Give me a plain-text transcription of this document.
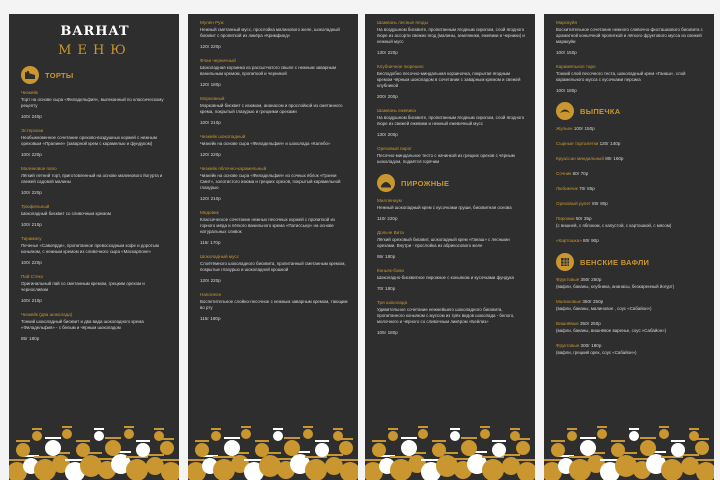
BARHAT
МЕНЮ
ТОРТЫ
Чизкейк
Торт на основе сыра «Филадельфия», выпеканный по классическому рецепту
100г 240р
Эстерхази
Необыкновенное сочетание орехово-воздушных коржей с нежным ореховым «Пралине» (заварной крем с карамелью и фундуком)
100г 220р
Малиновое папо
Лёгкий летний торт, приготовленный на основе малинового йогурта и свежей садовой малины
100г 220р
Трюфельный
Шоколадный бисквит со сливочным кремом
100г 210р
Тирамису
Печенье «Савоярди», пропитанное превосходным кофе и доротым коньяком, с нежным кремом из сливочного сыра «Маскарпоне»
100г 220р
Пай Стекэ
Оригинальный пай со сметанным кремом, грецким орехом и черносливом
100г 210р
Чизкейк (два шоколада)
Тонкий шоколадный бисквит и два вида шоколадного крема «Филадельфия» - с белым и чёрным шоколадом
85г 180р
Мулен Руж
Нежный сметанный мусс, прослойка малинового желе, шоколадный бисквит с пропиткой из ликёра «Кримфиед»
120г 220р
Флан черничный
Шоколадная корзинка из рассыпчатого свыле с нежным заварным ванильным кремом, пропиткой и черникой
120г 180р
Морковный
Морковный бисквит с изюмом, ананасом и прослойкой из сметанного крема, покрытый глазурью и грецкими орехами
100г 210р
Чизкейк шоколадный
Чизкейк на основе сыра «Филадельфия» и шоколада «Калебо»
120г 220р
Чизкейк яблочно-карамельный
Чизкейк на основе сыра «Филадельфия» из сочных яблок «Грэнни Смит», золотистого изюма и грецких орехов, покрытый карамельной глазурью
120г 210р
Медовик
Классическое сочетание нежных песочных коржей с пропиткой из горного мёда и лёгкого ванильного крема «Патиссьер» на основе натуральных сливок
115г 170р
Шоколадный мусс
Слоётёмного шоколадного бисквита, пропитанный сметанным кремом, покрытые глазурью и шоколадной крошкой
120г 220р
Наполеон
Воспетительное слойно-песочное с нежным заварным кремом, тающим во рту
115г 180р
Шампань лесные ягоды
На воздушном бисквите, пропитанным ягодным сиропом, слой ягодного пюре из ассорти свежих ягод (малины, земляники, ежевики и черники) и нежный мусс
130г 220р
Клубничное пюрешно
Бесподобно песочно-миндальная корзиночка, покрытая ягодным кремом чёрным шоколадом в сочетании с заварным кремом и свежей клубникой
200г 200р
Шампань ежевика
На воздушном бисквите, пропитанным ягодным сиропом, слой ягодного пюре из свежей ежевики и нежный ежевичный мусс
130г 200р
Ореховый пирог
Песочно-миндальное тесто с начинкой из грецких орехов с чёрным шоколадом, подаётся горячим
ПИРОЖНЫЕ
Миллениум
Нежный шоколадный крем с кусочками груши, бисквитная основа
110г 220р
Дольче Вита
Лёгкий ореховый бисквит, шоколадный крем «Ганаш» с лесными орехами. Внутри - прослойка из абрикосового желе
95г 180р
Коньяк-бомо
Шоколадно-бисквитное пирожное с коньяком и кусочками фундука
70г 180р
Три шоколада
Удивительное сочетание нежнейшего шоколадного бисквита, пропитанного коньяком с муссом из трёх видов шоколада - белого, молочного и чёрного со сливочным ликёром «Бейлиз»
105г 180р
Марокуйя
Восхитительное сочетание нежного сливочно-фисташкового бисквита с ароматной коньячной пропиткой и лёгкого фруктового мусса из свежей маракуйи
100г 150р
Карамельное таро
Тонкий слой песочного теста, шоколадный крем «Ганаш», слой карамельного мусса с кусочками персика
100г 180р
ВЫПЕЧКА
Жульен 100г 150р
Сырные тарталетки 120г 140р
Круассан миндальный 80г 160р
Сочник 60г 70р
Любимчик 70г 85р
Ореховый рулет 80г 80р
Пирожки 50г 35р
(с вишней, с яблоком, с капустой, с картошкой, с мясом)
«Картошка» 80г 90р
ВЕНСКИЕ ВАФЛИ
Фруктовые 350г 250р
(вафли, бананы, клубника, ананасы, безкаренный йогурт)
Малиновые 350г 250р
(вафли, бананы, малиновое , соус «Сабайон»)
Вишнёвые 350г 250р
(вафли, бананы, вишнёвое варенье, соус «Сабайон»)
Фруктовые 300г 180р
(вафли, грецкий орех, соус «Сабайон»)
